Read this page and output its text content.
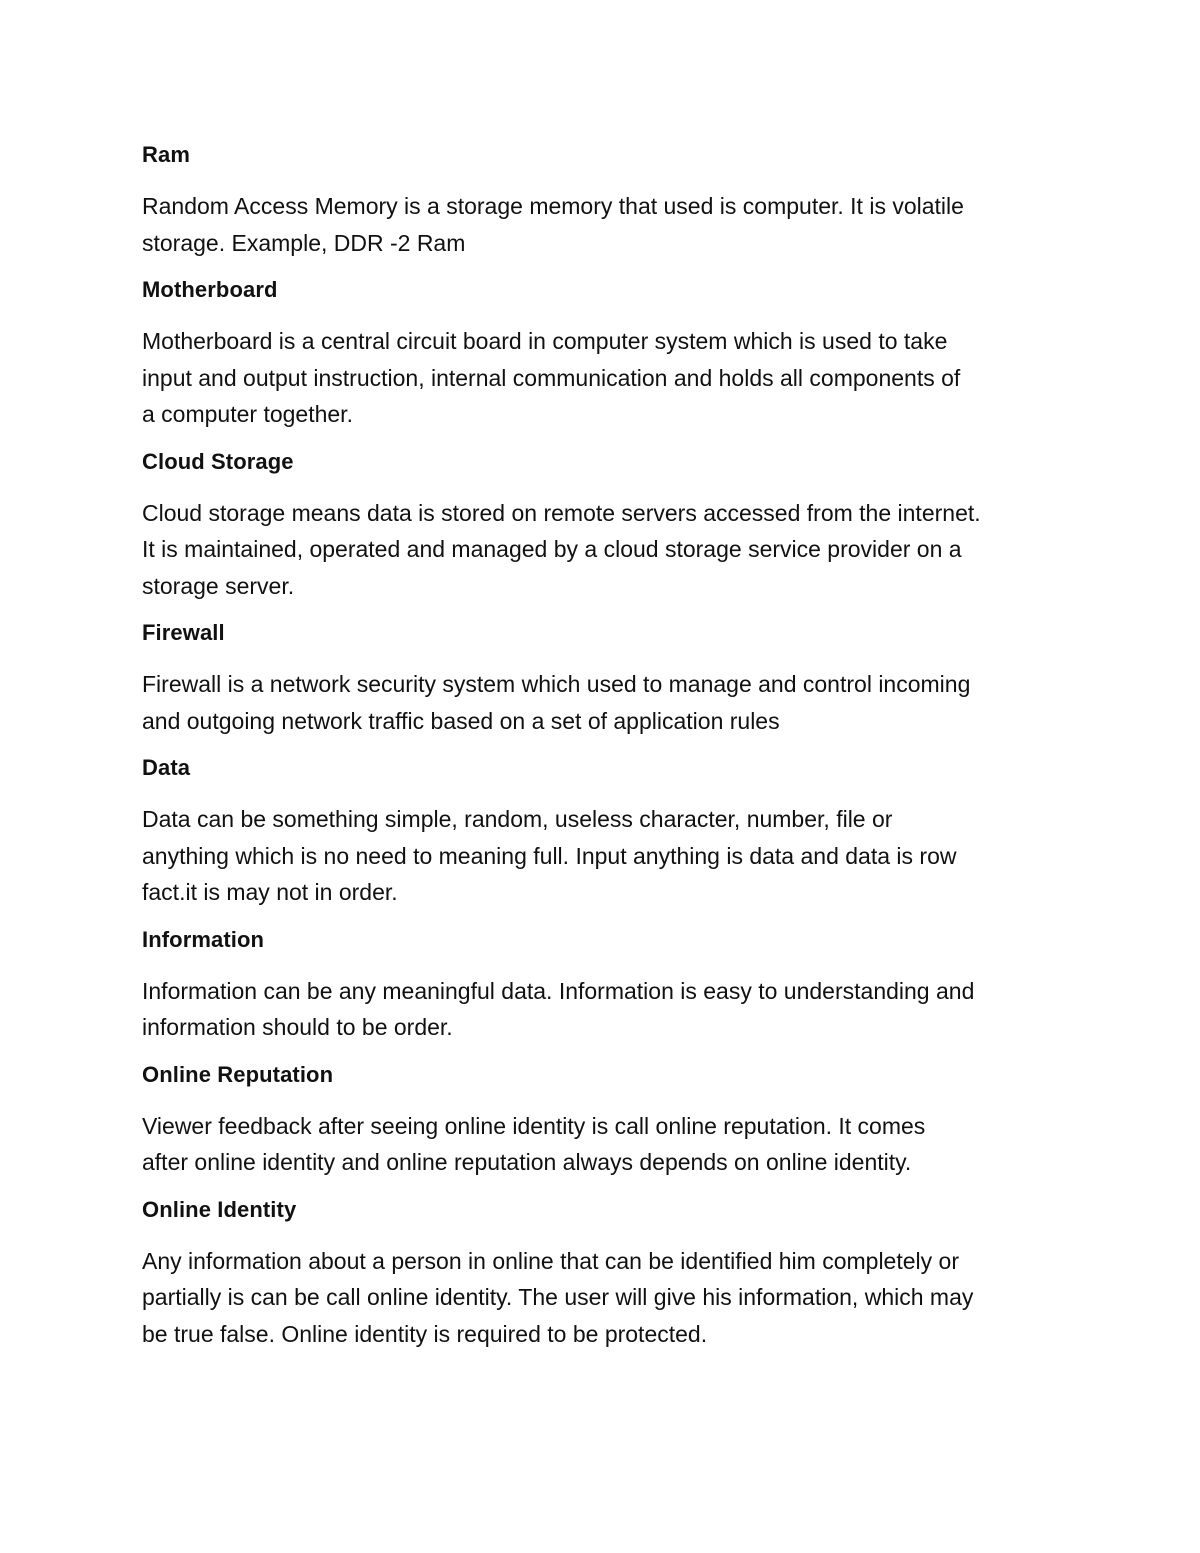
Ram
Random Access Memory is a storage memory that used is computer. It is volatile
storage. Example, DDR -2 Ram
Motherboard
Motherboard is a central circuit board in computer system which is used to take
input and output instruction, internal communication and holds all components of
a computer together.
Cloud Storage
Cloud storage means data is stored on remote servers accessed from the internet.
It is maintained, operated and managed by a cloud storage service provider on a
storage server.
Firewall
Firewall is a network security system which used to manage and control incoming
and outgoing network traffic based on a set of application rules
Data
Data can be something simple, random, useless character, number, file or
anything which is no need to meaning full. Input anything is data and data is row
fact.it is may not in order.
Information
Information can be any meaningful data. Information is easy to understanding and
information should to be order.
Online Reputation
Viewer feedback after seeing online identity is call online reputation. It comes
after online identity and online reputation always depends on online identity.
Online Identity
Any information about a person in online that can be identified him completely or
partially is can be call online identity. The user will give his information, which may
be true false. Online identity is required to be protected.
